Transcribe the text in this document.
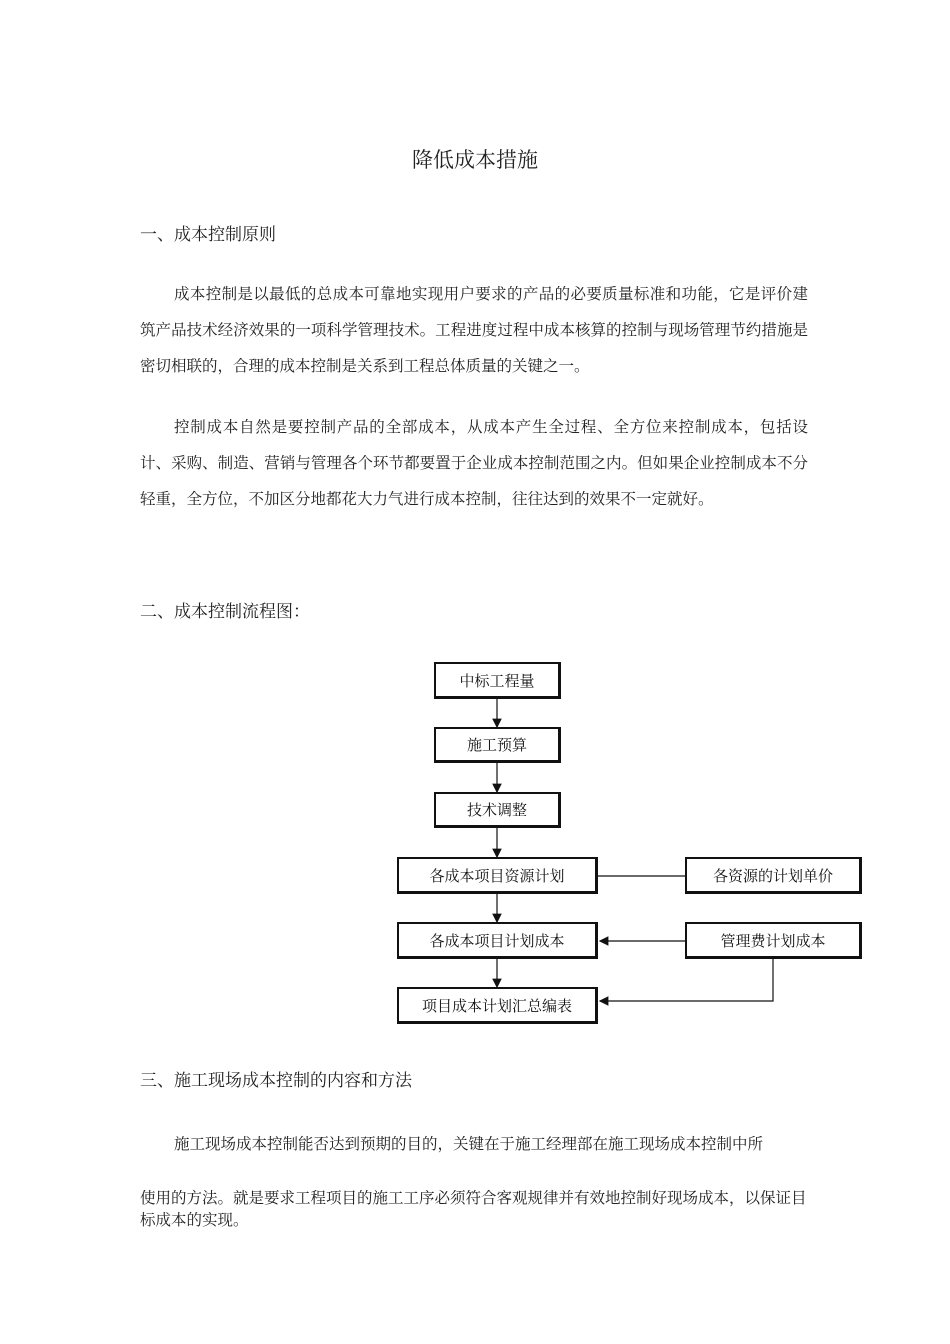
降低成本措施
一、成本控制原则

成本控制是以最低的总成本可靠地实现用户要求的产品的必要质量标准和功能，它是评价建筑产品技术经济效果的一项科学管理技术。工程进度过程中成本核算的控制与现场管理节约措施是密切相联的，合理的成本控制是关系到工程总体质量的关键之一。

控制成本自然是要控制产品的全部成本，从成本产生全过程、全方位来控制成本，包括设计、采购、制造、营销与管理各个环节都要置于企业成本控制范围之内。但如果企业控制成本不分轻重，全方位，不加区分地都花大力气进行成本控制，往往达到的效果不一定就好。

二、成本控制流程图：
中标工程量
施工预算
技术调整
各成本项目资源计划	各资源的计划单价
各成本项目计划成本	管理费计划成本
项目成本计划汇总编表
三、施工现场成本控制的内容和方法

施工现场成本控制能否达到预期的目的，关键在于施工经理部在施工现场成本控制中所

使用的方法。就是要求工程项目的施工工序必须符合客观规律并有效地控制好现场成本，以保证目标成本的实现。
